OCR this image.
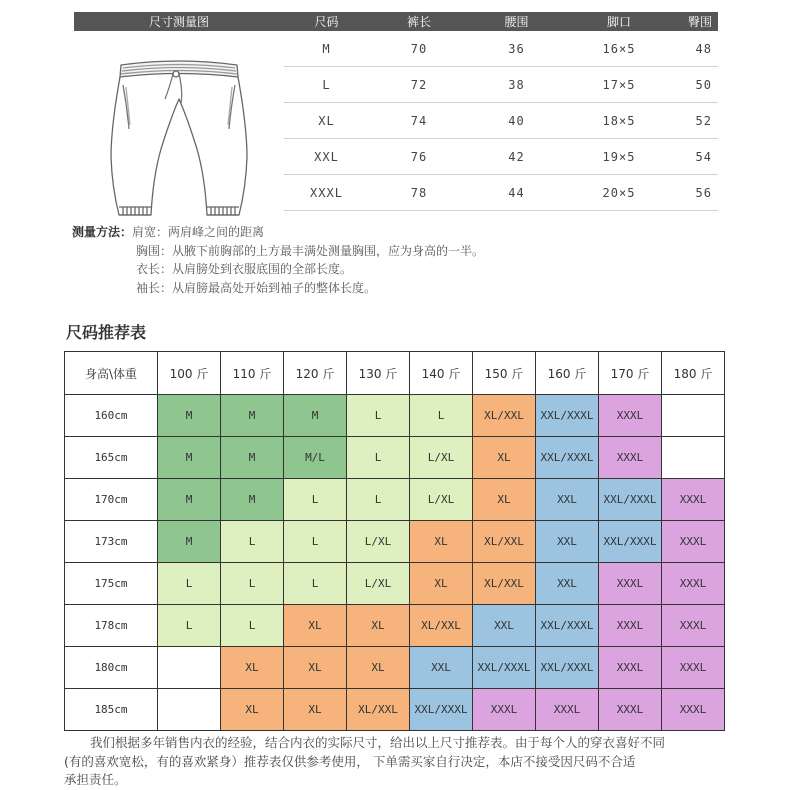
尺寸测量图	尺码	裤长	腰围	脚口	臀围
M	70	36	16×5	48
L	72	38	17×5	50
XL	74	40	18×5	52
XXL	76	42	19×5	54
XXXL	78	44	20×5	56
测量方法：肩宽：两肩峰之间的距离
胸围：从腋下前胸部的上方最丰满处测量胸围，应为身高的一半。
衣长：从肩膀处到衣服底围的全部长度。
袖长：从肩膀最高处开始到袖子的整体长度。
尺码推荐表
身高\体重	100 斤	110 斤	120 斤	130 斤	140 斤	150 斤	160 斤	170 斤	180 斤
160cm	M	M	M	L	L	XL/XXL	XXL/XXXL	XXXL	
165cm	M	M	M/L	L	L/XL	XL	XXL/XXXL	XXXL	
170cm	M	M	L	L	L/XL	XL	XXL	XXL/XXXL	XXXL
173cm	M	L	L	L/XL	XL	XL/XXL	XXL	XXL/XXXL	XXXL
175cm	L	L	L	L/XL	XL	XL/XXL	XXL	XXXL	XXXL
178cm	L	L	XL	XL	XL/XXL	XXL	XXL/XXXL	XXXL	XXXL
180cm		XL	XL	XL	XXL	XXL/XXXL	XXL/XXXL	XXXL	XXXL
185cm		XL	XL	XL/XXL	XXL/XXXL	XXXL	XXXL	XXXL	XXXL

我们根据多年销售内衣的经验，结合内衣的实际尺寸，给出以上尺寸推荐表。由于每个人的穿衣喜好不同

(有的喜欢宽松，有的喜欢紧身）推荐表仅供参考使用， 下单需买家自行决定，本店不接受因尺码不合适

承担责任。
